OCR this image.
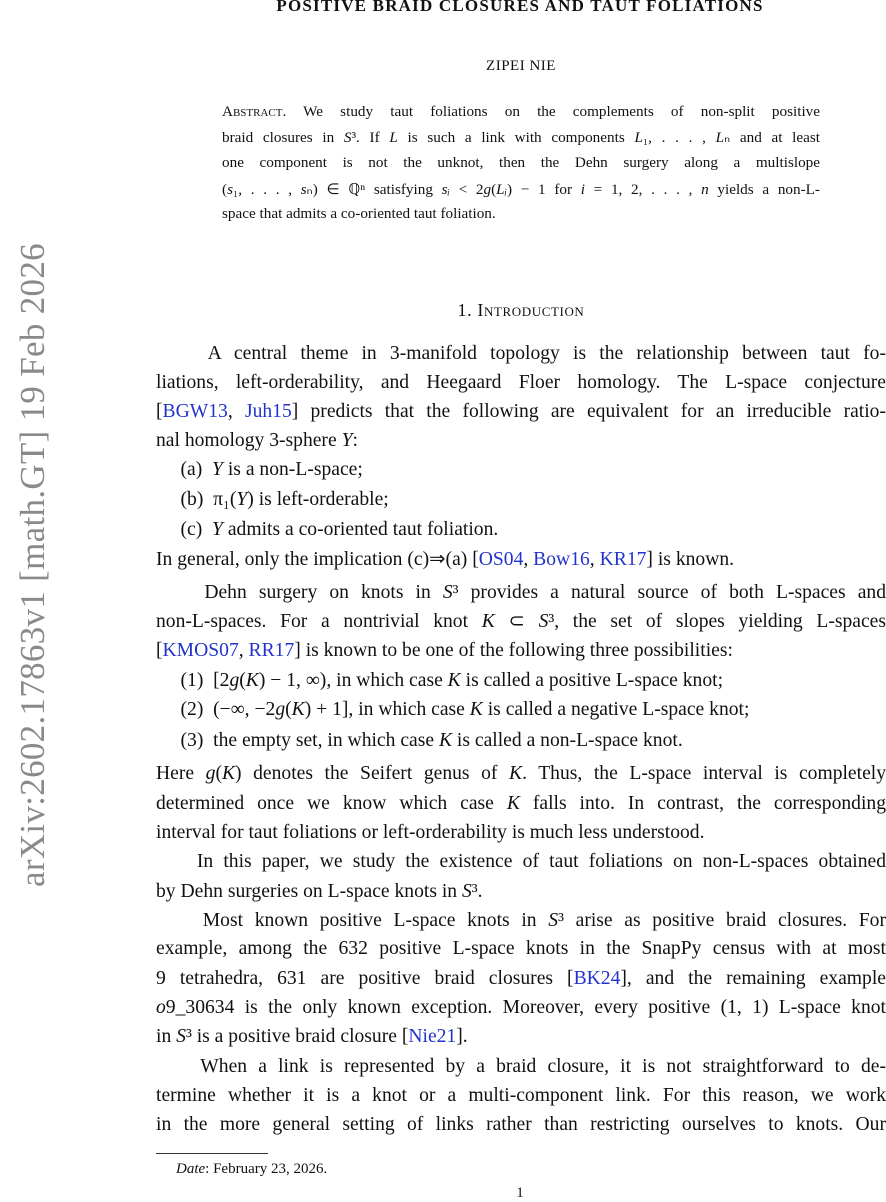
POSITIVE BRAID CLOSURES AND TAUT FOLIATIONS
ZIPEI NIE
arXiv:2602.17863v1 [math.GT] 19 Feb 2026
Abstract. We study taut foliations on the complements of non-split positive
braid closures in S³. If L is such a link with components L₁, . . . , Lₙ and at least
one component is not the unknot, then the Dehn surgery along a multislope
(s₁, . . . , sₙ) ∈ ℚⁿ satisfying sᵢ < 2g(Lᵢ) − 1 for i = 1, 2, . . . , n yields a non-L-
space that admits a co-oriented taut foliation.
1. Introduction
A central theme in 3-manifold topology is the relationship between taut fo-
liations, left-orderability, and Heegaard Floer homology. The L-space conjecture
[BGW13, Juh15] predicts that the following are equivalent for an irreducible ratio-
nal homology 3-sphere Y:
(a)  Y is a non-L-space;
(b)  π₁(Y) is left-orderable;
(c)  Y admits a co-oriented taut foliation.
In general, only the implication (c)⇒(a) [OS04, Bow16, KR17] is known.
Dehn surgery on knots in S³ provides a natural source of both L-spaces and
non-L-spaces. For a nontrivial knot K ⊂ S³, the set of slopes yielding L-spaces
[KMOS07, RR17] is known to be one of the following three possibilities:
(1)  [2g(K) − 1, ∞), in which case K is called a positive L-space knot;
(2)  (−∞, −2g(K) + 1], in which case K is called a negative L-space knot;
(3)  the empty set, in which case K is called a non-L-space knot.
Here g(K) denotes the Seifert genus of K. Thus, the L-space interval is completely
determined once we know which case K falls into. In contrast, the corresponding
interval for taut foliations or left-orderability is much less understood.
In this paper, we study the existence of taut foliations on non-L-spaces obtained
by Dehn surgeries on L-space knots in S³.
Most known positive L-space knots in S³ arise as positive braid closures. For
example, among the 632 positive L-space knots in the SnapPy census with at most
9 tetrahedra, 631 are positive braid closures [BK24], and the remaining example
o9_30634 is the only known exception. Moreover, every positive (1, 1) L-space knot
in S³ is a positive braid closure [Nie21].
When a link is represented by a braid closure, it is not straightforward to de-
termine whether it is a knot or a multi-component link. For this reason, we work
in the more general setting of links rather than restricting ourselves to knots. Our
Date: February 23, 2026.
1
